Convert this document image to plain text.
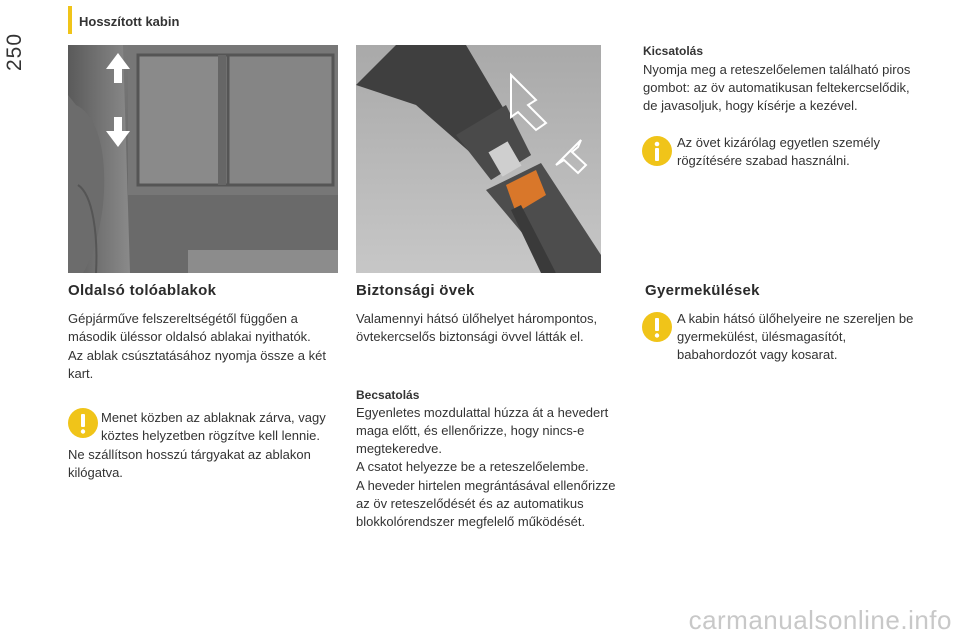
250
Hosszított kabin
Oldalsó tolóablakok

Gépjárműve felszereltségétől függően a második üléssor oldalsó ablakai nyithatók.

Az ablak csúsztatásához nyomja össze a két kart.

Menet közben az ablaknak zárva, vagy köztes helyzetben rögzítve kell lennie.

Ne szállítson hosszú tárgyakat az ablakon kilógatva.

Biztonsági övek

Valamennyi hátsó ülőhelyet hárompontos, övtekercselős biztonsági övvel látták el.

Becsatolás

Egyenletes mozdulattal húzza át a hevedert maga előtt, és ellenőrizze, hogy nincs-e megtekeredve.

A csatot helyezze be a reteszelőelembe.

A heveder hirtelen megrántásával ellenőrizze az öv reteszelődését és az automatikus blokkolórendszer megfelelő működését.

Kicsatolás

Nyomja meg a reteszelőelemen található piros gombot: az öv automatikusan feltekercselődik, de javasoljuk, hogy kísérje a kezével.

Az övet kizárólag egyetlen személy rögzítésére szabad használni.

Gyermekülések

A kabin hátsó ülőhelyeire ne szereljen be gyermekülést, ülésmagasítót, babahordozót vagy kosarat.

carmanualsonline.info
